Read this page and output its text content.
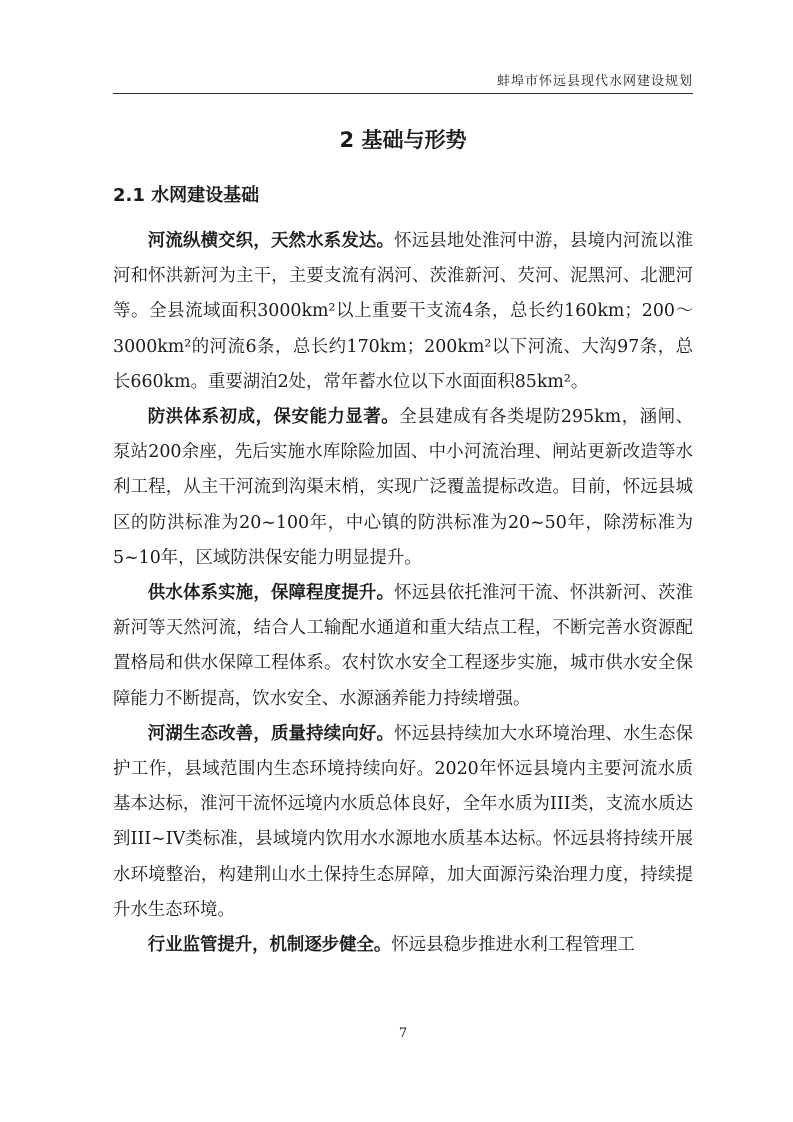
蚌埠市怀远县现代水网建设规划
2 基础与形势
2.1 水网建设基础

河流纵横交织，天然水系发达。怀远县地处淮河中游，县境内河流以淮河和怀洪新河为主干，主要支流有涡河、茨淮新河、芡河、泥黑河、北淝河等。全县流域面积3000km²以上重要干支流4条，总长约160km；200～3000km²的河流6条，总长约170km；200km²以下河流、大沟97条，总长660km。重要湖泊2处，常年蓄水位以下水面面积85km²。

防洪体系初成，保安能力显著。全县建成有各类堤防295km，涵闸、泵站200余座，先后实施水库除险加固、中小河流治理、闸站更新改造等水利工程，从主干河流到沟渠末梢，实现广泛覆盖提标改造。目前，怀远县城区的防洪标准为20~100年，中心镇的防洪标准为20~50年，除涝标准为5~10年，区域防洪保安能力明显提升。

供水体系实施，保障程度提升。怀远县依托淮河干流、怀洪新河、茨淮新河等天然河流，结合人工输配水通道和重大结点工程，不断完善水资源配置格局和供水保障工程体系。农村饮水安全工程逐步实施，城市供水安全保障能力不断提高，饮水安全、水源涵养能力持续增强。

河湖生态改善，质量持续向好。怀远县持续加大水环境治理、水生态保护工作，县域范围内生态环境持续向好。2020年怀远县境内主要河流水质基本达标，淮河干流怀远境内水质总体良好，全年水质为III类，支流水质达到III~IV类标准，县域境内饮用水水源地水质基本达标。怀远县将持续开展水环境整治，构建荆山水土保持生态屏障，加大面源污染治理力度，持续提升水生态环境。

行业监管提升，机制逐步健全。怀远县稳步推进水利工程管理工

7
